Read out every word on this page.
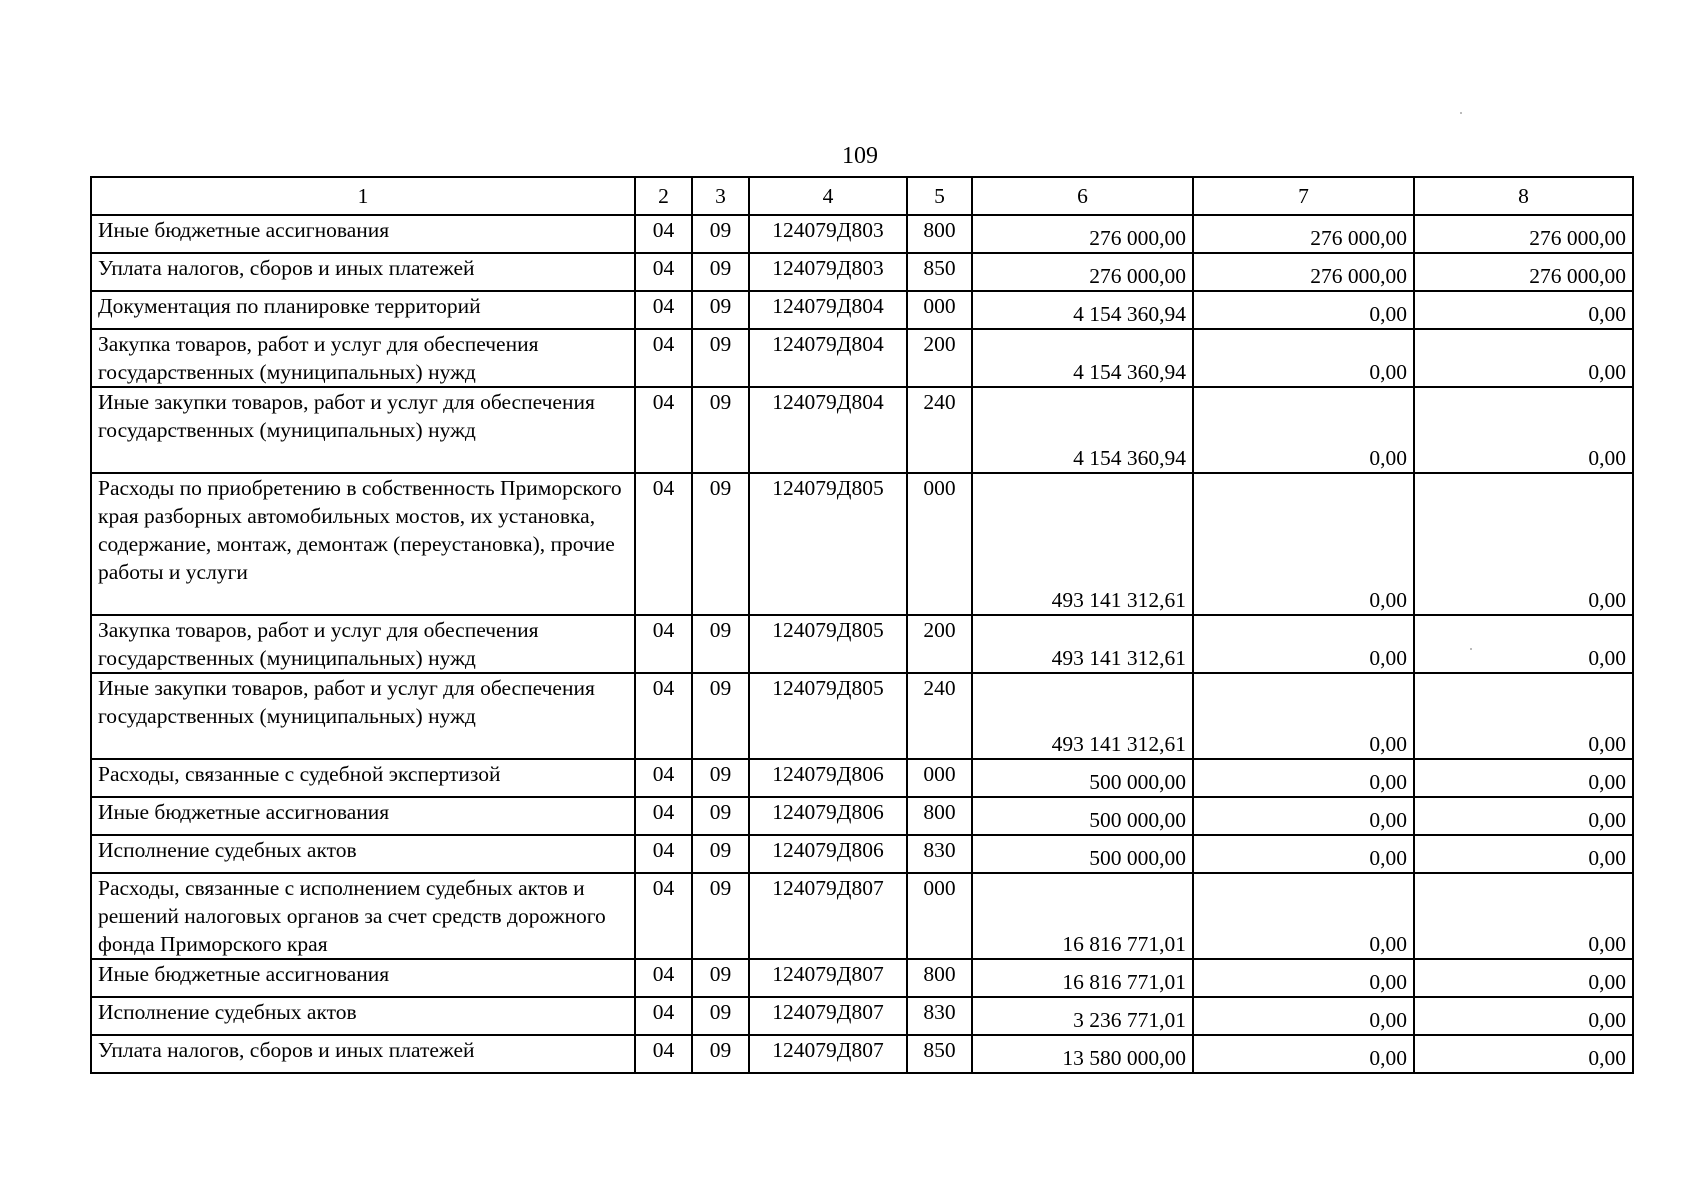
109
1	2	3	4	5	6	7	8
Иные бюджетные ассигнования	04	09	124079Д803	800	276 000,00	276 000,00	276 000,00
Уплата налогов, сборов и иных платежей	04	09	124079Д803	850	276 000,00	276 000,00	276 000,00
Документация по планировке территорий	04	09	124079Д804	000	4 154 360,94	0,00	0,00
Закупка товаров, работ и услуг для обеспечения государственных (муниципальных) нужд	04	09	124079Д804	200	4 154 360,94	0,00	0,00
Иные закупки товаров, работ и услуг для обеспечения государственных (муниципальных) нужд	04	09	124079Д804	240	4 154 360,94	0,00	0,00
Расходы по приобретению в собственность Приморского края разборных автомобильных мостов, их установка, содержание, монтаж, демонтаж (переустановка), прочие работы и услуги	04	09	124079Д805	000	493 141 312,61	0,00	0,00
Закупка товаров, работ и услуг для обеспечения государственных (муниципальных) нужд	04	09	124079Д805	200	493 141 312,61	0,00	0,00
Иные закупки товаров, работ и услуг для обеспечения государственных (муниципальных) нужд	04	09	124079Д805	240	493 141 312,61	0,00	0,00
Расходы, связанные с судебной экспертизой	04	09	124079Д806	000	500 000,00	0,00	0,00
Иные бюджетные ассигнования	04	09	124079Д806	800	500 000,00	0,00	0,00
Исполнение судебных актов	04	09	124079Д806	830	500 000,00	0,00	0,00
Расходы, связанные с исполнением судебных актов и решений налоговых органов за счет средств дорожного фонда Приморского края	04	09	124079Д807	000	16 816 771,01	0,00	0,00
Иные бюджетные ассигнования	04	09	124079Д807	800	16 816 771,01	0,00	0,00
Исполнение судебных актов	04	09	124079Д807	830	3 236 771,01	0,00	0,00
Уплата налогов, сборов и иных платежей	04	09	124079Д807	850	13 580 000,00	0,00	0,00
